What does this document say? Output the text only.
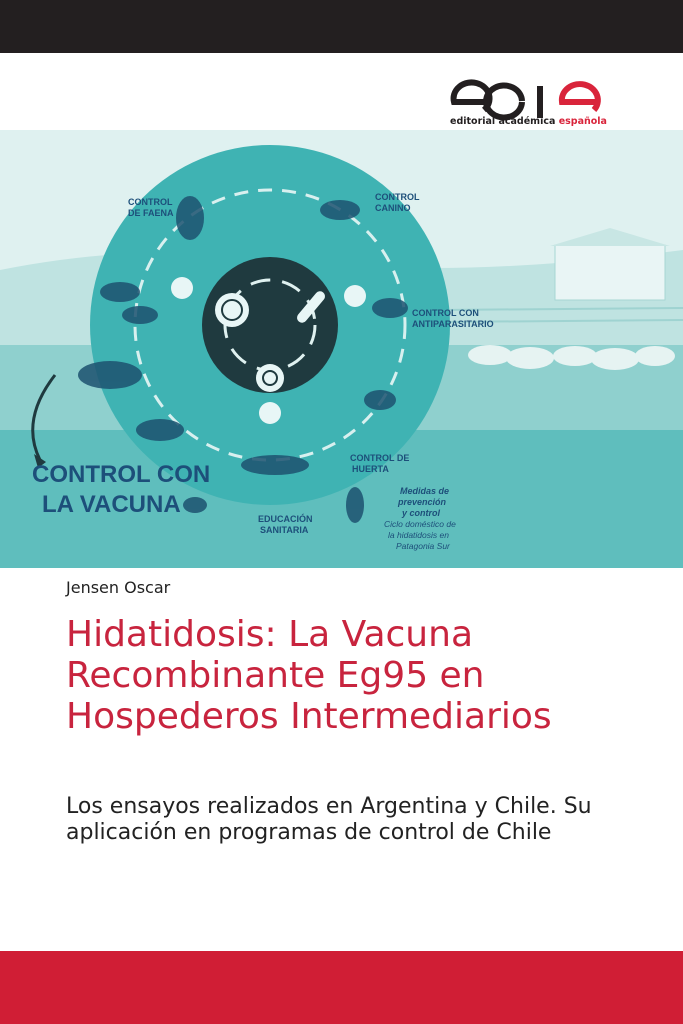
editorial académica española
CONTROL
DE FAENA
CONTROL
CANINO
CONTROL CON
ANTIPARASITARIO
CONTROL DE
HUERTA
EDUCACIÓN
SANITARIA
CONTROL CON
LA VACUNA	Medidas de
prevención
y control
Ciclo doméstico de
la hidatidosis en
Patagonia Sur
Jensen Oscar
Hidatidosis: La Vacuna Recombinante Eg95 en Hospederos Intermediarios

Los ensayos realizados en Argentina y Chile. Su aplicación en programas de control de Chile
